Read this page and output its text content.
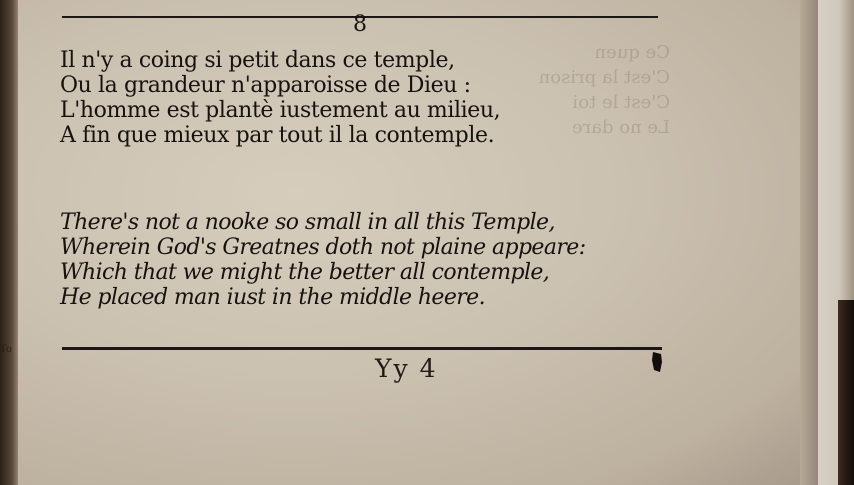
Ce quen
C'est la prison
C'est le toi
Le no dare
8
Il n'y a coing si petit dans ce temple,
Ou la grandeur n'apparoisse de Dieu :
L'homme est plantè iustement au milieu,
A fin que mieux par tout il la contemple.
There's not a nooke so small in all this Temple,
Wherein God's Greatnes doth not plaine appeare:
Which that we might the better all contemple,
He placed man iust in the middle heere.
Yy 4
To
